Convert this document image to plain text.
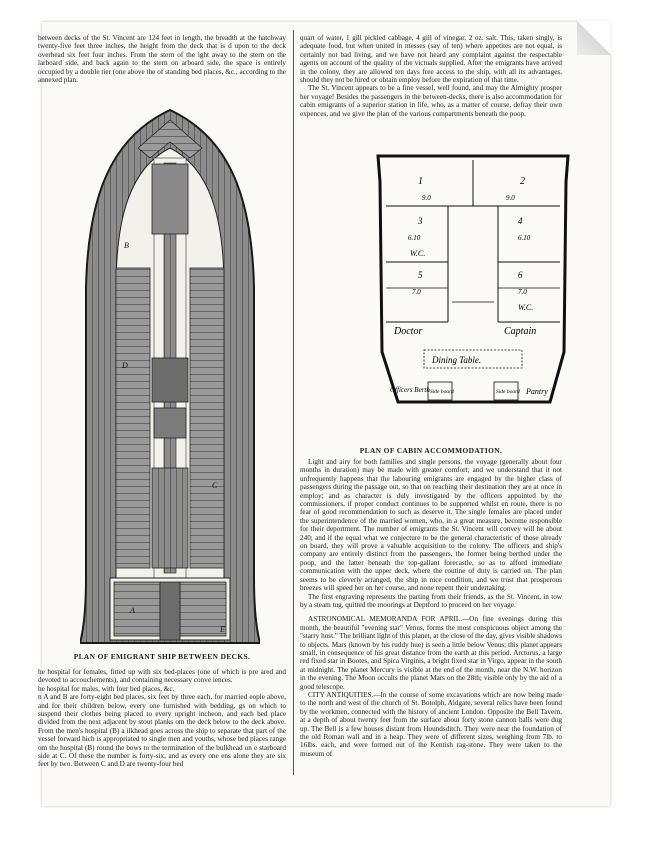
between decks of the St. Vincent are 124 feet in length, the breadth at the hatchway twenty-five feet three inches, the height from the deck that is d upon to the deck overhead six feet four inches. From the stern of the ight away to the stern on the larboard side, and back again to the stern on arboard side, the space is entirely occupied by a double tier (one above the of standing bed places, &c., according to the annexed plan.

quart of water, 1 gill pickled cabbage, 4 gill of vinegar, 2 oz. salt. This, taken singly, is adequate food, but when united in messes (say of ten) where appetites are not equal, is certainly not bad living, and we have not heard any complaint against the respectable agents on account of the quality of the victuals supplied. After the emigrants have arrived in the colony, they are allowed ten days free access to the ship, with all its advantages, should they not be hired or obtain employ before the expiration of that time.

The St. Vincent appears to be a fine vessel, well found, and may the Almighty prosper her voyage! Besides the passengers in the between-decks, there is also accommodation for cabin emigrants of a superior station in life, who, as a matter of course, defray their own expences, and we give the plan of the various compartments beneath the poop.

B
D
C
A
E
PLAN OF EMIGRANT SHIP BETWEEN DECKS.
1	2
9.0	9.0
3	4
6.10	6.10
W.C.
W.C.
5	6
7.0	7.0
Doctor	Captain
Dining Table.
Officers Berth Side board	Side board Pantry
PLAN OF CABIN ACCOMMODATION.

he hospital for females, fitted up with six bed-places (one of which is pre ared and devoted to accouchements), and containing necessary conve iences.

he hospital for males, with four bed places, &c.

n A and B are forty-eight bed places, six feet by three each, for married eople above, and for their children below, every one furnished with bedding, gs on which to suspend their clothes being placed to every upright incheon, and each bed place divided from the next adjacent by stout planks om the deck below to the deck above. From the men's hospital (B) a ilkhead goes across the ship to separate that part of the vessel forward hich is appropriated to single men and youths, whose bed places range om the hospital (B) round the bows to the termination of the bulkhead on e starboard side at C. Of these the number is forty-six, and as every one ens alone they are six feet by two. Between C and D are twenty-four bed

Light and airy for both families and single persons, the voyage (generally about four months in duration) may be made with greater comfort; and we understand that it not unfrequently happens that the labouring emigrants are engaged by the higher class of passengers during the passage out, so that on reaching their destination they are at once in employ; and as character is duly investigated by the officers appointed by the commissioners, if proper conduct continues to be supported whilst en route, there is no fear of good recommendation to such as deserve it. The single females are placed under the superintendence of the married women, who, in a great measure, become responsible for their deportment. The number of emigrants the St. Vincent will convey will be about 240; and if the equal what we conjecture to be the general characteristic of those already on board, they will prove a valuable acquisition to the colony. The officers and ship's company are entirely distinct from the passengers, the former being berthed under the poop, and the latter beneath the top-gallant forecastle, so as to afford immediate communication with the upper deck, where the routine of duty is carried on. The plan seems to be cleverly arranged, the ship in nice condition, and we trust that prosperous breezes will speed her on her course, and none repent their undertaking.

The first engraving represents the parting from their friends, as the St. Vincent, in tow by a steam tug, quitted the moorings at Deptford to proceed on her voyage.

ASTRONOMICAL MEMORANDA FOR APRIL.—On fine evenings during this month, the beautiful "evening star" Venus, forms the most conspicuous object among the "starry host." The brilliant light of this planet, at the close of the day, gives visible shadows to objects. Mars (known by his ruddy hue) is seen a little below Venus; this planet appears small, in consequence of his great distance from the earth at this period. Arcturus, a large red fixed star in Bootes, and Spica Virginis, a bright fixed star in Virgo, appear in the south at midnight. The planet Mercury is visible at the end of the month, near the N.W. horizon in the evening. The Moon occults the planet Mars on the 28th; visible only by the aid of a good telescope.

CITY ANTIQUITIES.—In the course of some excavations which are now being made to the north and west of the church of St. Botolph, Aldgate, several relics have been found by the workmen, connected with the history of ancient London. Opposite the Bell Tavern, at a depth of about twenty feet from the surface about forty stone cannon balls were dug up. The Bell is a few houses distant from Houndsditch. They were near the foundation of the old Roman wall and in a heap. They were of different sizes, weighing from 7lb. to 16lbs. each, and were formed out of the Kentish rag-stone. They were taken to the museum of
